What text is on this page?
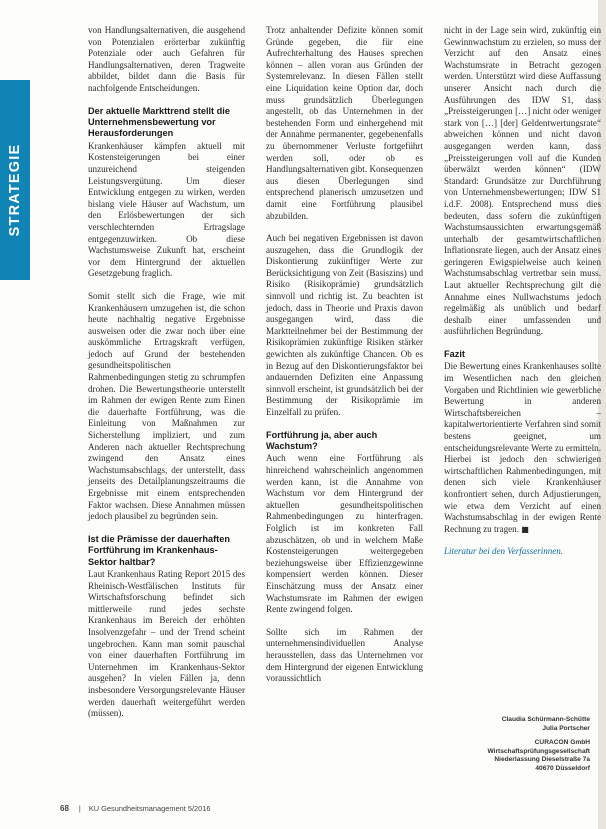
STRATEGIE

von Handlungsalternativen, die ausgehend von Potenzialen erörterbar zukünftig Potenziale oder auch Gefahren für Handlungsalternativen, deren Tragweite abbildet, bildet dann die Basis für nachfolgende Entscheidungen.

Der aktuelle Markttrend stellt die Unternehmensbewertung vor Herausforderungen

Krankenhäuser kämpfen aktuell mit Kostensteigerungen bei einer unzureichend steigenden Leistungsvergütung. Um dieser Entwicklung entgegen zu wirken, werden bislang viele Häuser auf Wachstum, um den Erlösbewertungen der sich verschlechternden Ertragslage entgegenzuwirken. Ob diese Wachstumsweise Zukunft hat, erscheint vor dem Hintergrund der aktuellen Gesetzgebung fraglich.

Somit stellt sich die Frage, wie mit Krankenhäusern umzugehen ist, die schon heute nachhaltig negative Ergebnisse ausweisen oder die zwar noch über eine auskömmliche Ertragskraft verfügen, jedoch auf Grund der bestehenden gesundheitspolitischen Rahmenbedingungen stetig zu schrumpfen drohen. Die Bewertungstheorie unterstellt im Rahmen der ewigen Rente zum Einen die dauerhafte Fortführung, was die Einleitung von Maßnahmen zur Sicherstellung impliziert, und zum Anderen nach aktueller Rechtsprechung zwingend den Ansatz eines Wachstumsabschlags, der unterstellt, dass jenseits des Detailplanungszeitraums die Ergebnisse mit einem entsprechenden Faktor wachsen. Diese Annahmen müssen jedoch plausibel zu begründen sein.

Ist die Prämisse der dauerhaften Fortführung im Krankenhaus-Sektor haltbar?

Laut Krankenhaus Rating Report 2015 des Rheinisch-Westfälischen Instituts für Wirtschaftsforschung befindet sich mittlerweile rund jedes sechste Krankenhaus im Bereich der erhöhten Insolvenzgefahr – und der Trend scheint ungebrochen. Kann man somit pauschal von einer dauerhaften Fortführung im Unternehmen im Krankenhaus-Sektor ausgehen? In vielen Fällen ja, denn insbesondere Versorgungsrelevante Häuser werden dauerhaft weitergeführt werden (müssen).

Trotz anhaltender Defizite können somit Gründe gegeben, die für eine Aufrechterhaltung des Hauses sprechen können – allen voran aus Gründen der Systemrelevanz. In diesen Fällen stellt eine Liquidation keine Option dar, doch muss grundsätzlich Überlegungen angestellt, ob das Unternehmen in der bestehenden Form und einhergehend mit der Annahme permanenter, gegebenenfalls zu übernommener Verluste fortgeführt werden soll, oder ob es Handlungsalternativen gibt. Konsequenzen aus diesen Überlegungen sind entsprechend planerisch umzusetzen und damit eine Fortführung plausibel abzubilden.

Auch bei negativen Ergebnissen ist davon auszugehen, dass die Grundlogik der Diskontierung zukünftiger Werte zur Berücksichtigung von Zeit (Basiszins) und Risiko (Risikoprämie) grundsätzlich sinnvoll und richtig ist. Zu beachten ist jedoch, dass in Theorie und Praxis davon ausgegangen wird, dass die Marktteilnehmer bei der Bestimmung der Risikoprämien zukünftige Risiken stärker gewichten als zukünftige Chancen. Ob es in Bezug auf den Diskontierungsfaktor bei andauernden Defiziten eine Anpassung sinnvoll erscheint, ist grundsätzlich bei der Bestimmung der Risikoprämie im Einzelfall zu prüfen.

Fortführung ja, aber auch Wachstum?

Auch wenn eine Fortführung als hinreichend wahrscheinlich angenommen werden kann, ist die Annahme von Wachstum vor dem Hintergrund der aktuellen gesundheitspolitischen Rahmenbedingungen zu hinterfragen. Folglich ist im konkreten Fall abzuschätzen, ob und in welchem Maße Kostensteigerungen weitergegeben beziehungsweise über Effizienzgewinne kompensiert werden können. Dieser Einschätzung muss der Ansatz einer Wachstumsrate im Rahmen der ewigen Rente zwingend folgen.

Sollte sich im Rahmen der unternehmensindividuellen Analyse herausstellen, dass das Unternehmen vor dem Hintergrund der eigenen Entwicklung voraussichtlich

nicht in der Lage sein wird, zukünftig ein Gewinnwachstum zu erzielen, so muss der Verzicht auf den Ansatz eines Wachstumsrate in Betracht gezogen werden. Unterstützt wird diese Auffassung unserer Ansicht nach durch die Ausführungen des IDW S1, dass „Preissteigerungen […] nicht oder weniger stark von […] [der] Geldentwertungsrate“ abweichen können und nicht davon ausgegangen werden kann, dass „Preissteigerungen voll auf die Kunden überwälzt werden können“ (IDW Standard: Grundsätze zur Durchführung von Unternehmensbewertungen; IDW S1 i.d.F. 2008). Entsprechend muss dies bedeuten, dass sofern die zukünftigen Wachstumsaussichten erwartungsgemäß unterhalb der gesamtwirtschaftlichen Inflationsrate liegen, auch der Ansatz eines geringeren Ewigspielweise auch keinen Wachstumsabschlag vertretbar sein muss. Laut aktueller Rechtsprechung gilt die Annahme eines Nullwachstums jedoch regelmäßig als unüblich und bedarf deshalb einer umfassenden und ausführlichen Begründung.

Fazit

Die Bewertung eines Krankenhauses sollte im Wesentlichen nach den gleichen Vorgaben und Richtlinien wie gewerbliche Bewertung in anderen Wirtschaftsbereichen – kapitalwertorientierte Verfahren sind somit bestens geeignet, um entscheidungsrelevante Werte zu ermitteln. Hierbei ist jedoch den schwierigen wirtschaftlichen Rahmenbedingungen, mit denen sich viele Krankenhäuser konfrontiert sehen, durch Adjustierungen, wie etwa dem Verzicht auf einen Wachstumsabschlag in der ewigen Rente Rechnung zu tragen. ■

Literatur bei den Verfasserinnen.

Claudia Schürmann-Schütte
Julia Portscher
CURACON GmbH
Wirtschaftsprüfungsgesellschaft
Niederlassung Dieselstraße 7a
40670 Düsseldorf
68 | KU Gesundheitsmanagement 5/2016
